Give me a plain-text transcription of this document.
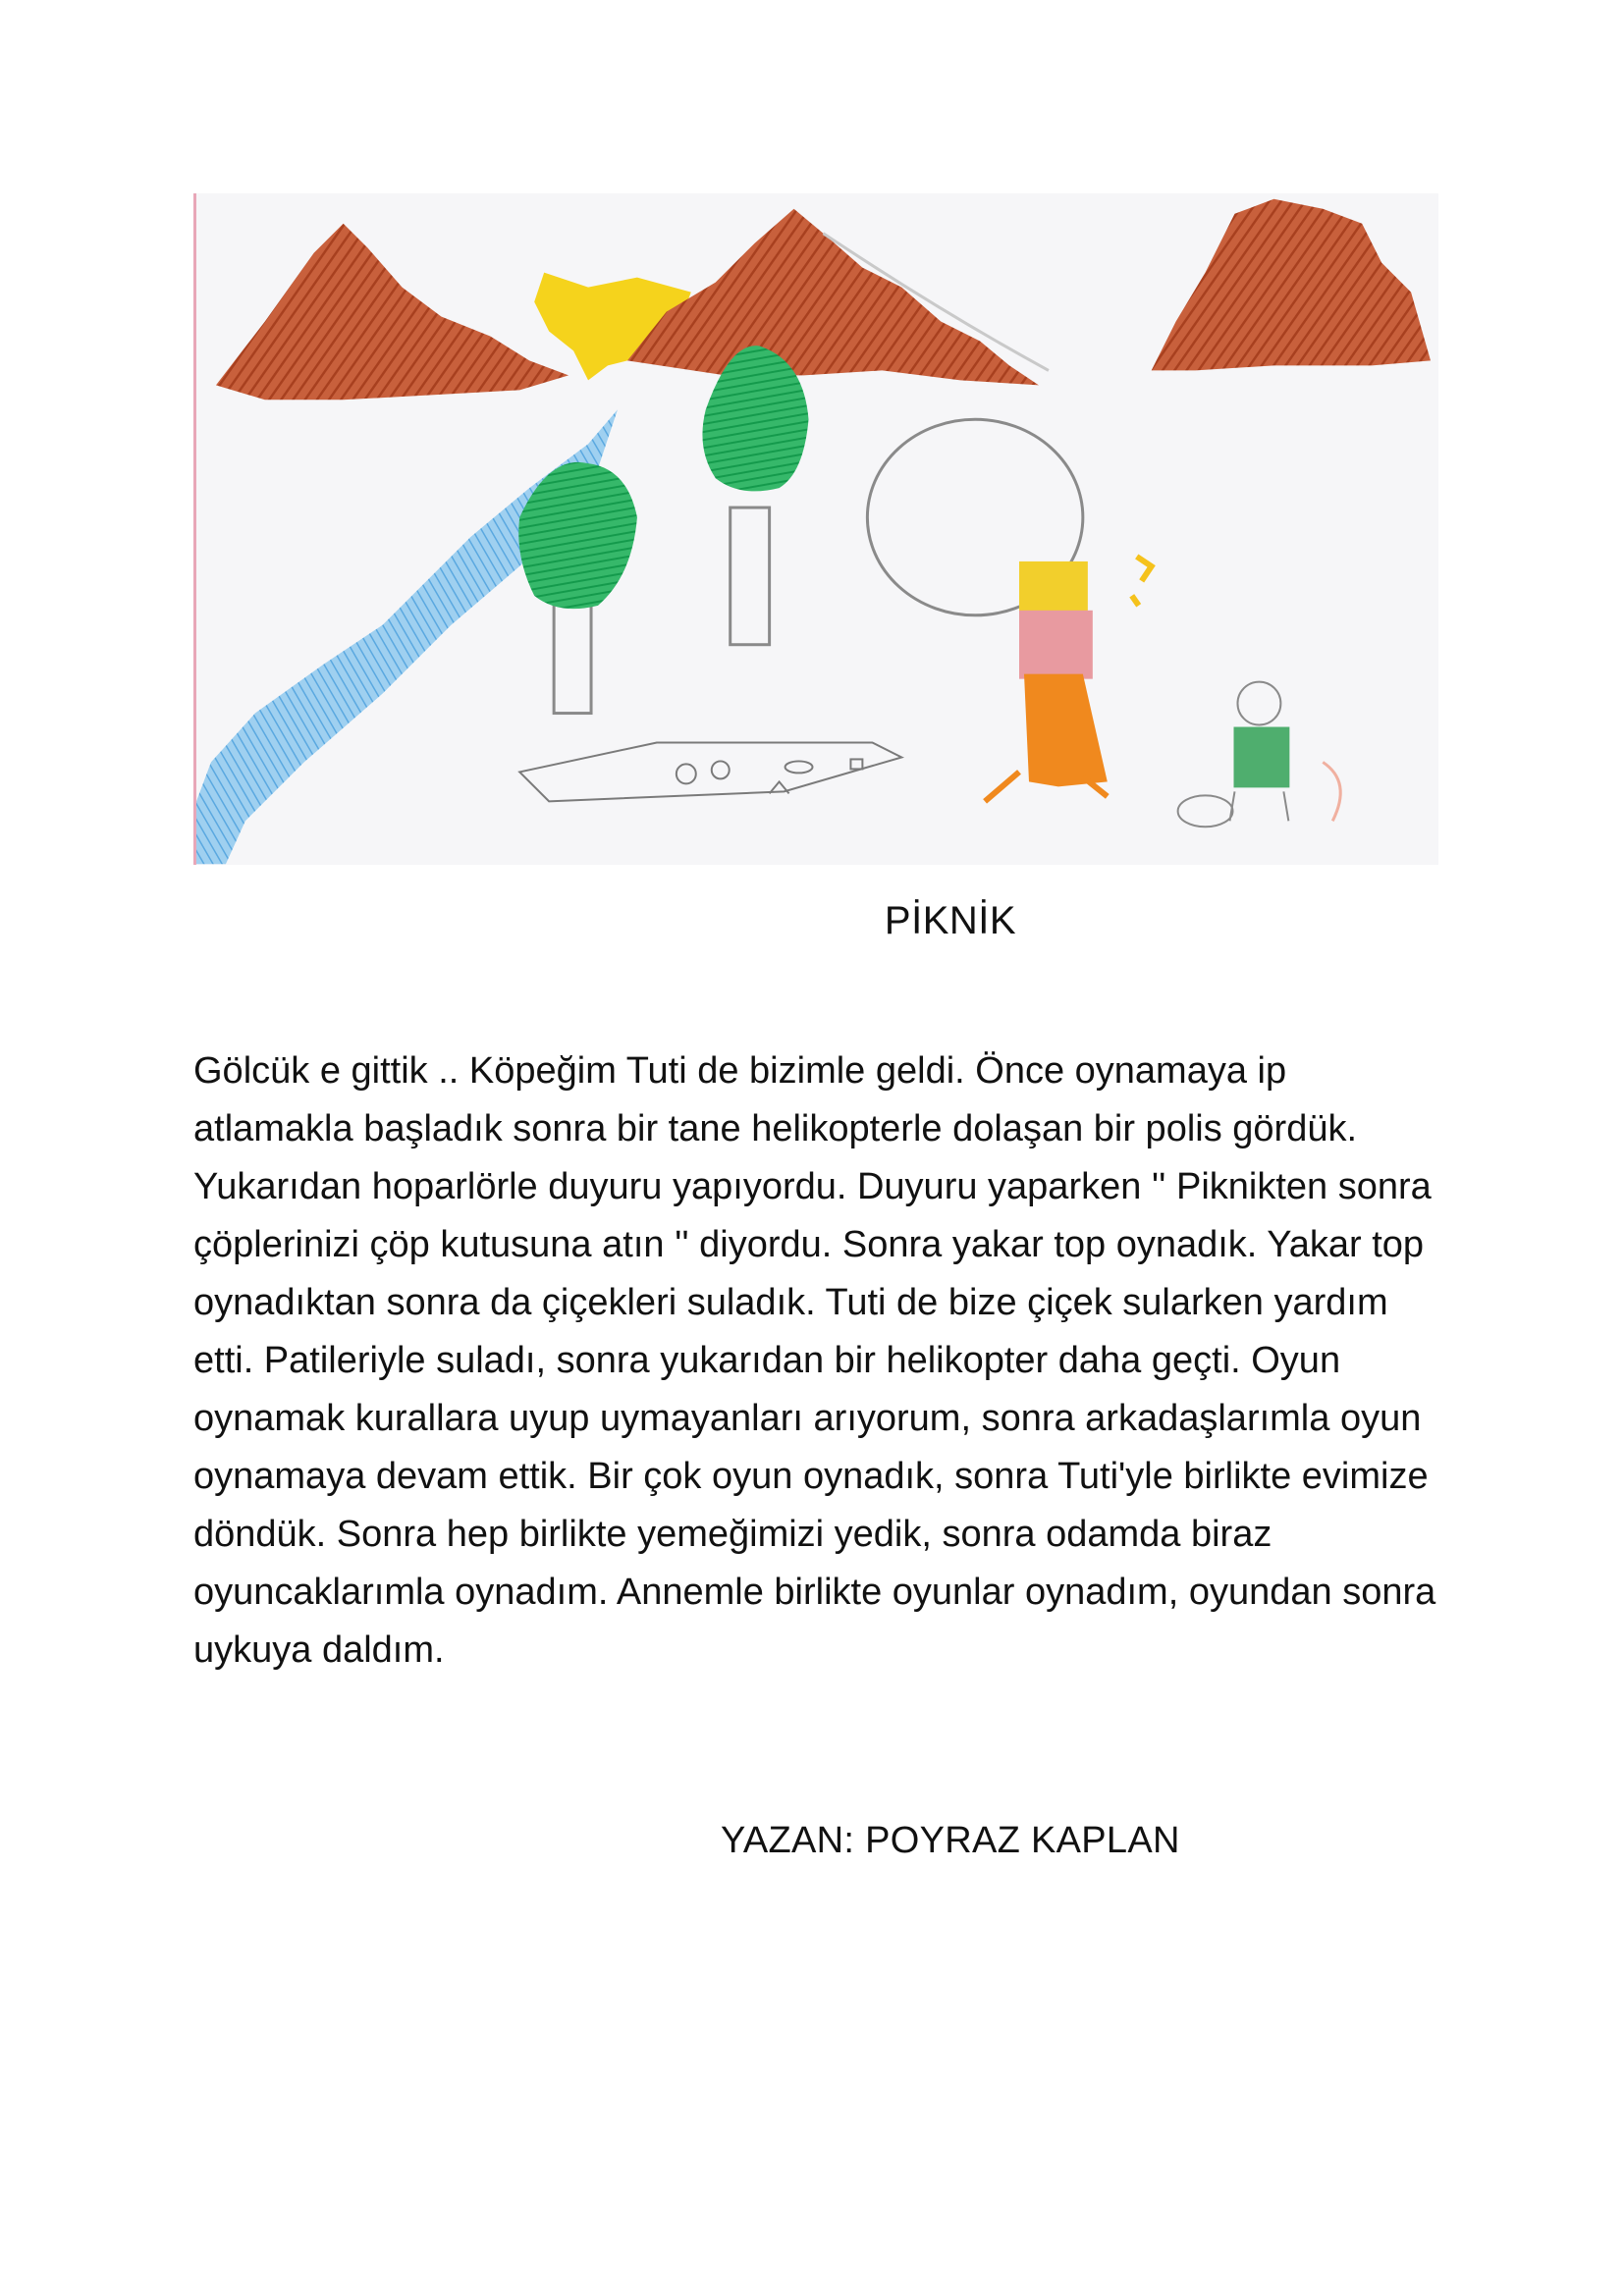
PİKNİK

Gölcük e gittik .. Köpeğim Tuti de bizimle geldi. Önce oynamaya ip atlamakla başladık sonra bir tane helikopterle dolaşan bir polis gördük. Yukarıdan hoparlörle duyuru yapıyordu. Duyuru yaparken '' Piknikten sonra çöplerinizi çöp kutusuna atın '' diyordu. Sonra yakar top oynadık. Yakar top oynadıktan sonra da çiçekleri suladık. Tuti de bize çiçek sularken yardım etti. Patileriyle suladı, sonra yukarıdan bir helikopter daha geçti. Oyun oynamak kurallara uyup uymayanları arıyorum, sonra arkadaşlarımla oyun oynamaya devam ettik. Bir çok oyun oynadık, sonra Tuti'yle birlikte evimize döndük. Sonra hep birlikte yemeğimizi yedik, sonra odamda biraz oyuncaklarımla oynadım. Annemle birlikte oyunlar oynadım, oyundan sonra uykuya daldım.

YAZAN: POYRAZ KAPLAN
